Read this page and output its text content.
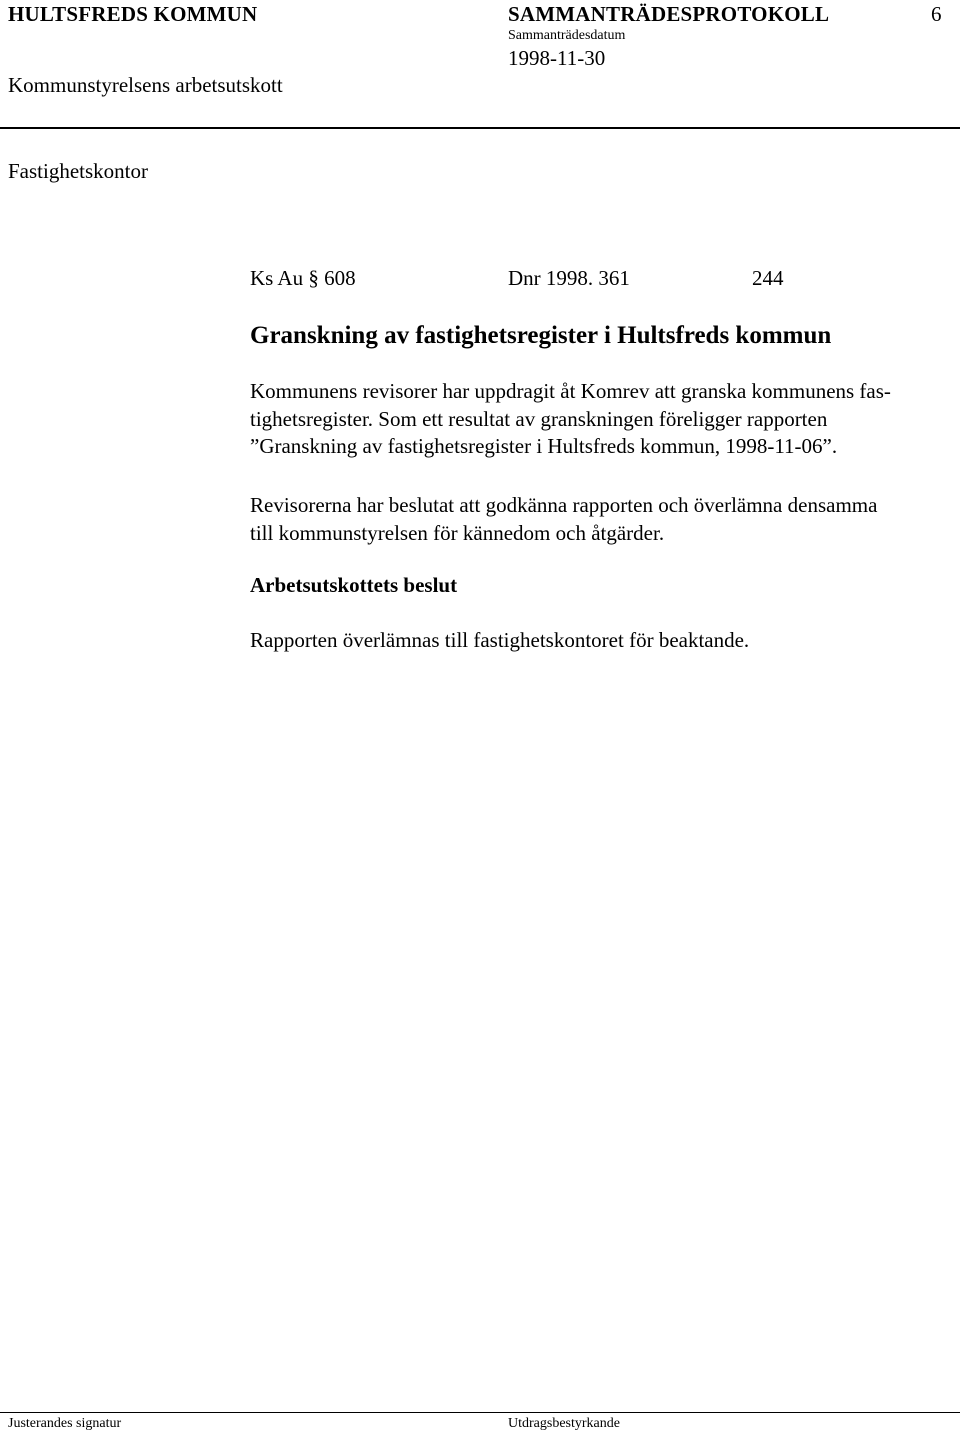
HULTSFREDS KOMMUN	SAMMANTRÄDESPROTOKOLL	6
Sammanträdesdatum
1998-11-30
Kommunstyrelsens arbetsutskott
Fastighetskontor
Ks Au § 608	Dnr 1998. 361	244
Granskning av fastighetsregister i Hultsfreds kommun
Kommunens revisorer har uppdragit åt Komrev att granska kommunens fas-
tighetsregister. Som ett resultat av granskningen föreligger rapporten
”Granskning av fastighetsregister i Hultsfreds kommun, 1998-11-06”.
Revisorerna har beslutat att godkänna rapporten och överlämna densamma
till kommunstyrelsen för kännedom och åtgärder.
Arbetsutskottets beslut
Rapporten överlämnas till fastighetskontoret för beaktande.
Justerandes signatur	Utdragsbestyrkande
